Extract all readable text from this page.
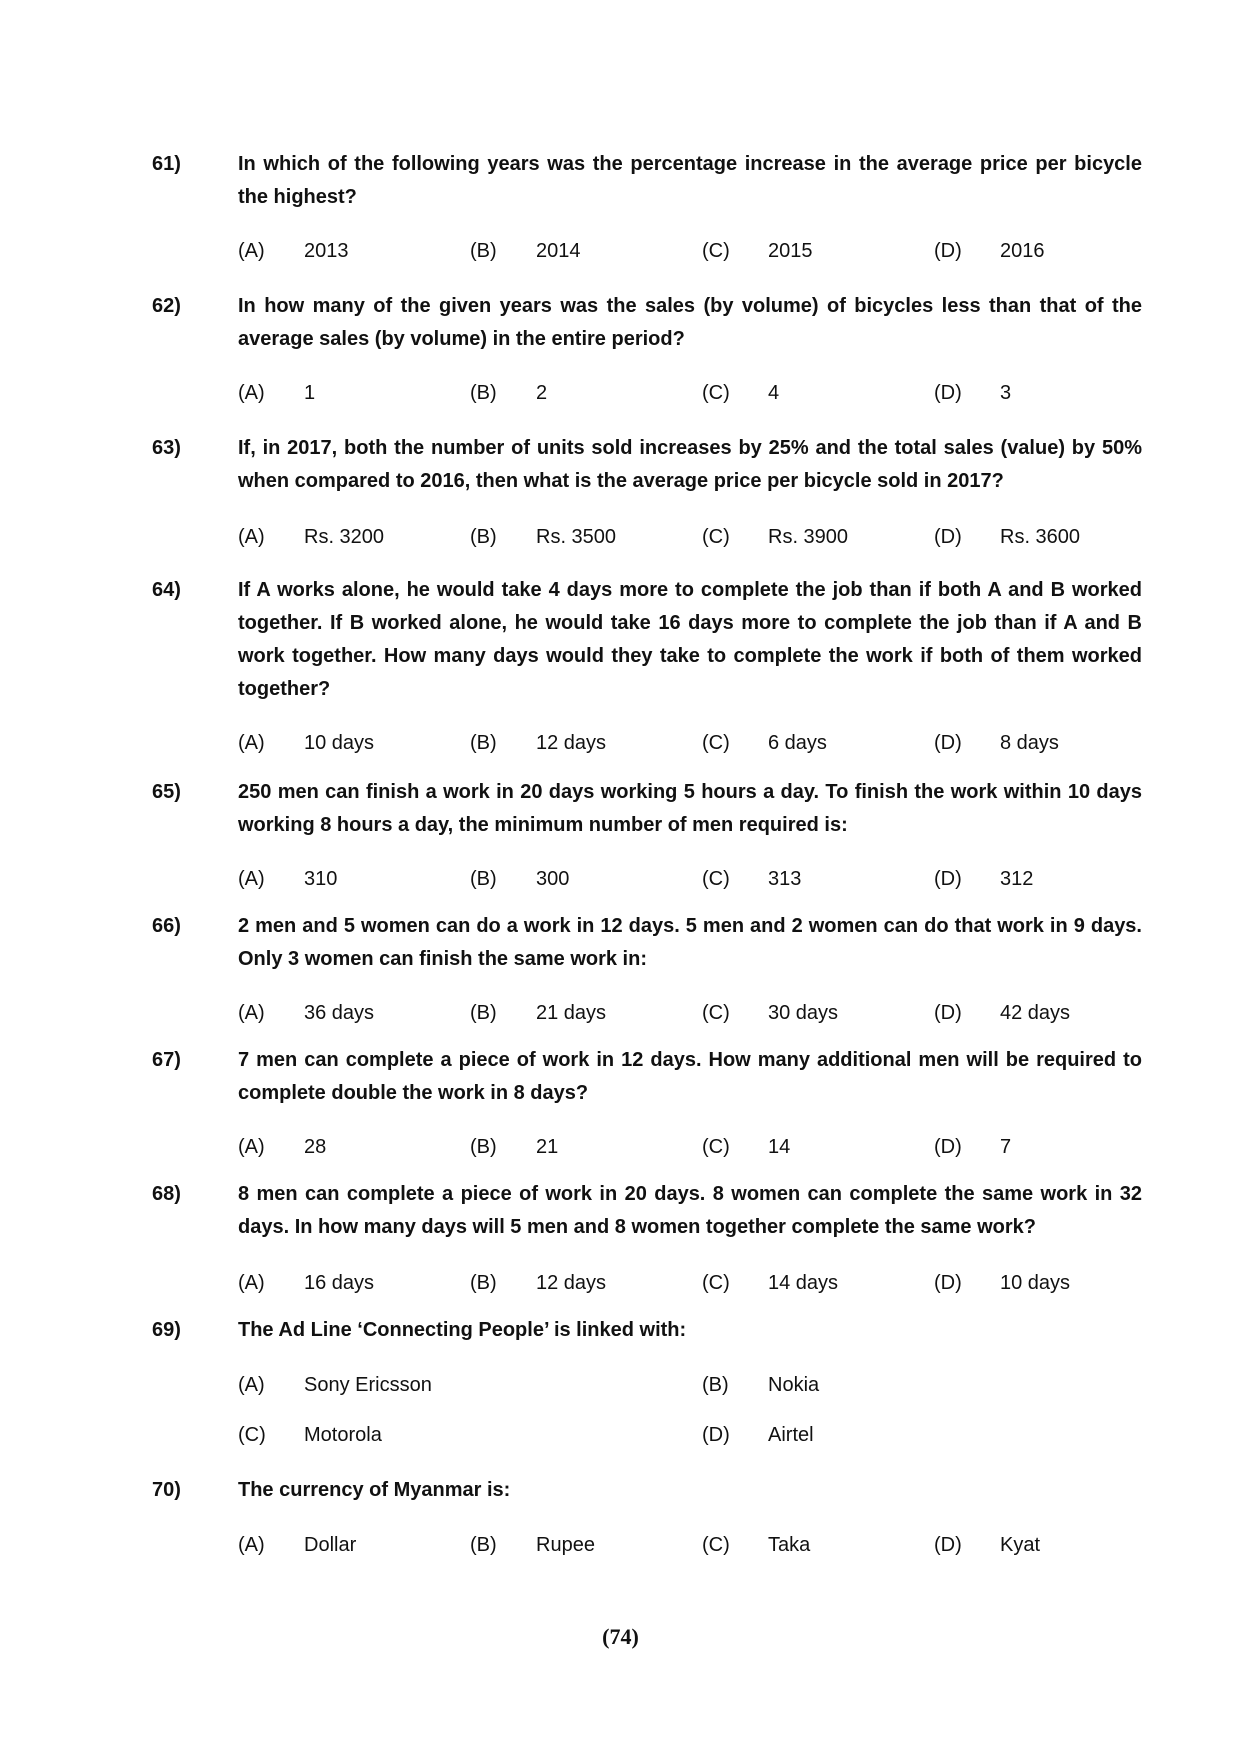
61)	In which of the following years was the percentage increase in the average price per bicycle the highest?
(A) 2013	(B) 2014	(C) 2015	(D) 2016
62)	In how many of the given years was the sales (by volume) of bicycles less than that of the average sales (by volume) in the entire period?
(A) 1	(B) 2	(C) 4	(D) 3
63)	If, in 2017, both the number of units sold increases by 25% and the total sales (value) by 50% when compared to 2016, then what is the average price per bicycle sold in 2017?
(A) Rs. 3200	(B) Rs. 3500	(C) Rs. 3900	(D) Rs. 3600
64)	If A works alone, he would take 4 days more to complete the job than if both A and B worked together. If B worked alone, he would take 16 days more to complete the job than if A and B work together. How many days would they take to complete the work if both of them worked together?
(A) 10 days	(B) 12 days	(C) 6 days	(D) 8 days
65)	250 men can finish a work in 20 days working 5 hours a day. To finish the work within 10 days working 8 hours a day, the minimum number of men required is:
(A) 310	(B) 300	(C) 313	(D) 312
66)	2 men and 5 women can do a work in 12 days. 5 men and 2 women can do that work in 9 days. Only 3 women can finish the same work in:
(A) 36 days	(B) 21 days	(C) 30 days	(D) 42 days
67)	7 men can complete a piece of work in 12 days. How many additional men will be required to complete double the work in 8 days?
(A) 28	(B) 21	(C) 14	(D) 7
68)	8 men can complete a piece of work in 20 days. 8 women can complete the same work in 32 days. In how many days will 5 men and 8 women together complete the same work?
(A) 16 days	(B) 12 days	(C) 14 days	(D) 10 days
69)	The Ad Line ‘Connecting People’ is linked with:
(A) Sony Ericsson	(B) Nokia
(C) Motorola	(D) Airtel
70)	The currency of Myanmar is:
(A) Dollar	(B) Rupee	(C) Taka	(D) Kyat
(74)
